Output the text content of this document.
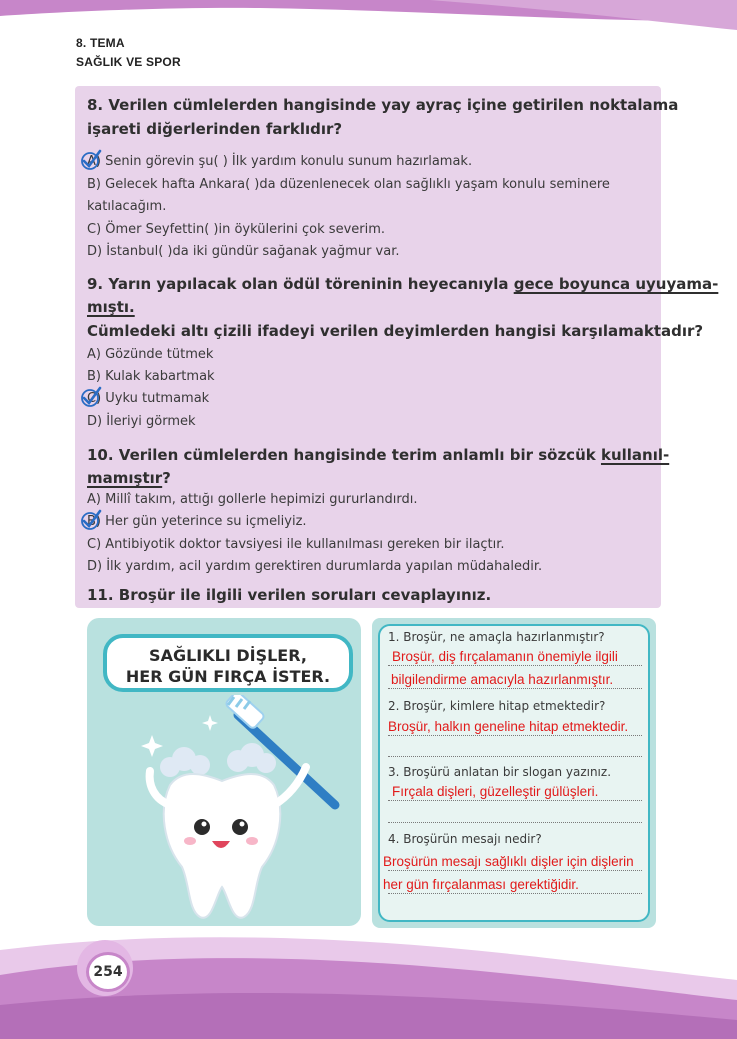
8. TEMA
SAĞLIK VE SPOR
8. Verilen cümlelerden hangisinde yay ayraç içine getirilen noktalama
işareti diğerlerinden farklıdır?
A) Senin görevin şu( ) İlk yardım konulu sunum hazırlamak.
B) Gelecek hafta Ankara( )da düzenlenecek olan sağlıklı yaşam konulu seminere
katılacağım.
C) Ömer Seyfettin( )in öykülerini çok severim.
D) İstanbul( )da iki gündür sağanak yağmur var.
9. Yarın yapılacak olan ödül töreninin heyecanıyla gece boyunca uyuyama-
mıştı.
Cümledeki altı çizili ifadeyi verilen deyimlerden hangisi karşılamaktadır?
A) Gözünde tütmek
B) Kulak kabartmak
C) Uyku tutmamak
D) İleriyi görmek
10. Verilen cümlelerden hangisinde terim anlamlı bir sözcük kullanıl-
mamıştır?
A) Millî takım, attığı gollerle hepimizi gururlandırdı.
B) Her gün yeterince su içmeliyiz.
C) Antibiyotik doktor tavsiyesi ile kullanılması gereken bir ilaçtır.
D) İlk yardım, acil yardım gerektiren durumlarda yapılan müdahaledir.
11. Broşür ile ilgili verilen soruları cevaplayınız.
SAĞLIKLI DİŞLER,
HER GÜN FIRÇA İSTER.
1. Broşür, ne amaçla hazırlanmıştır?
Broşür, diş fırçalamanın önemiyle ilgili
bilgilendirme amacıyla hazırlanmıştır.
2. Broşür, kimlere hitap etmektedir?
Broşür, halkın geneline hitap etmektedir.
3. Broşürü anlatan bir slogan yazınız.
Fırçala dişleri, güzelleştir gülüşleri.
4. Broşürün mesajı nedir?
Broşürün mesajı sağlıklı dişler için dişlerin
her gün fırçalanması gerektiğidir.
254
